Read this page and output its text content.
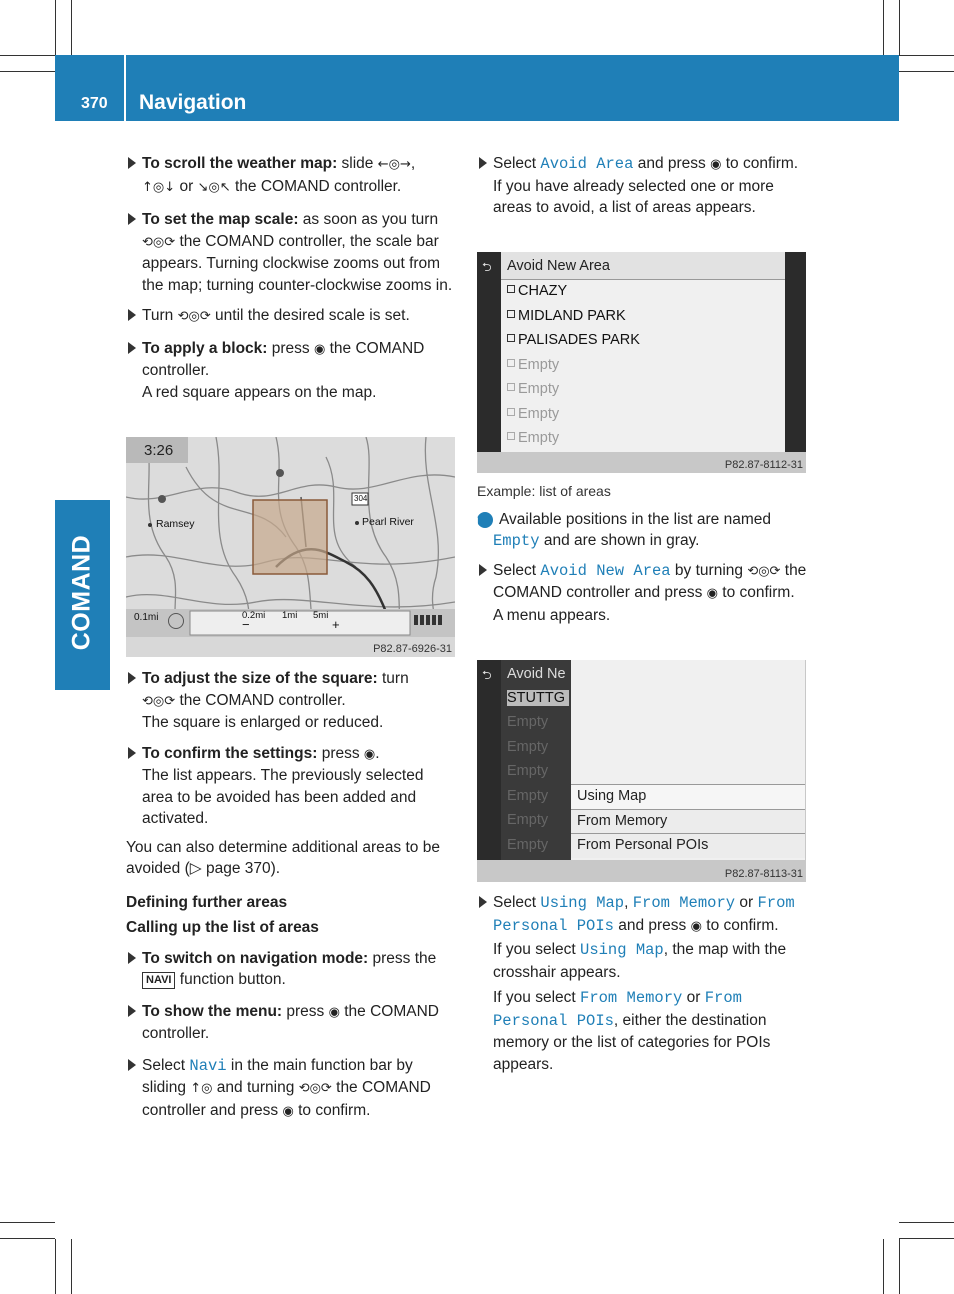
370 Navigation
COMAND

To scroll the weather map: slide ←◎→,
↑◎↓ or ↘◎↖ the COMAND controller.

To set the map scale: as soon as you turn ⟲◎⟳ the COMAND controller, the scale bar appears. Turning clockwise zooms out from the map; turning counter-clockwise zooms in.

Turn ⟲◎⟳ until the desired scale is set.

To apply a block: press ◉ the COMAND controller.
A red square appears on the map.

3:26
Ramsey	Pearl River
304
0.1mi	0.2mi 1mi 5mi
−	+
P82.87-6926-31

To adjust the size of the square: turn
⟲◎⟳ the COMAND controller.
The square is enlarged or reduced.

To confirm the settings: press ◉.
The list appears. The previously selected area to be avoided has been added and activated.

You can also determine additional areas to be avoided (▷ page 370).

Defining further areas

Calling up the list of areas

To switch on navigation mode: press the
NAVI function button.

To show the menu: press ◉ the COMAND controller.

Select Navi in the main function bar by sliding ↑◎ and turning ⟲◎⟳ the COMAND controller and press ◉ to confirm.

Select Avoid Area and press ◉ to confirm.
If you have already selected one or more areas to avoid, a list of areas appears.

⮌ Avoid New Area
CHAZY
MIDLAND PARK
PALISADES PARK
Empty
Empty
Empty
Empty
P82.87-8112-31

Example: list of areas

i Available positions in the list are named Empty and are shown in gray.

Select Avoid New Area by turning ⟲◎⟳ the COMAND controller and press ◉ to confirm.
A menu appears.

⮌ Avoid Ne
STUTTG
Empty
Empty
Empty
Empty
Empty
Empty
Using Map
From Memory
From Personal POIs
P82.87-8113-31

Select Using Map, From Memory or From Personal POIs and press ◉ to confirm.

If you select Using Map, the map with the crosshair appears.

If you select From Memory or From Personal POIs, either the destination memory or the list of categories for POIs appears.
